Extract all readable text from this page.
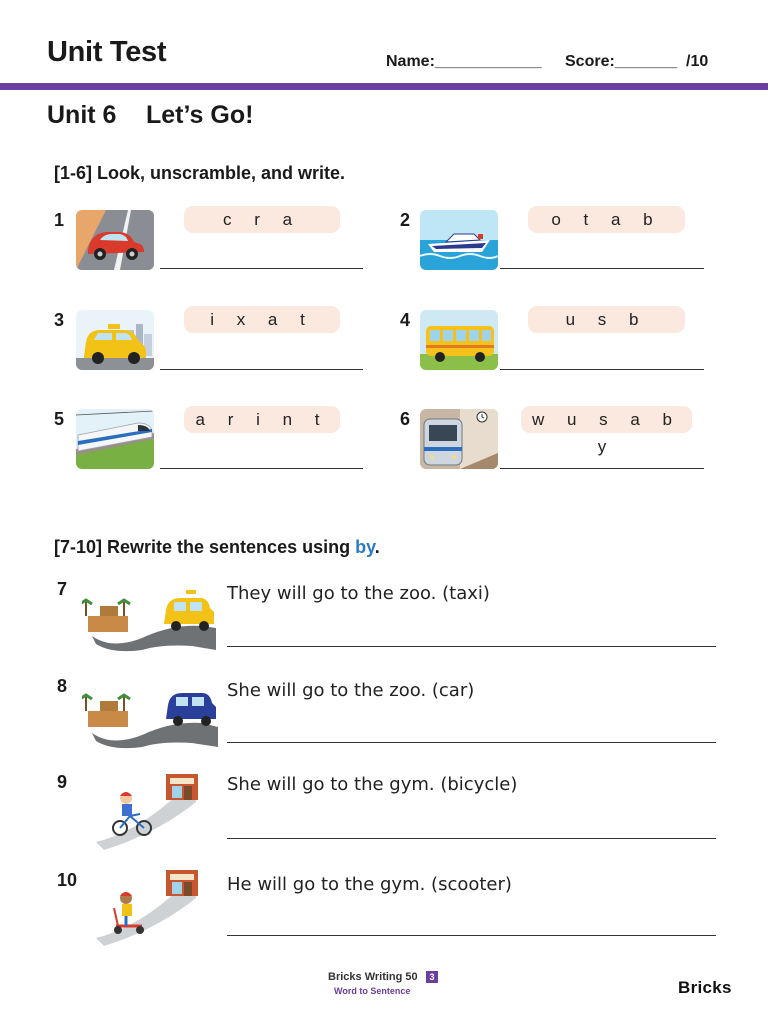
Unit Test	Name:____________ Score:_______ /10
Unit 6 Let’s Go!
[1-6] Look, unscramble, and write.
1	c r a	2	o t a b
3	i x a t	4	u s b
5	a r i n t	6	w u s a b y
[7-10] Rewrite the sentences using by.
7	They will go to the zoo. (taxi)
8	She will go to the zoo. (car)
9	She will go to the gym. (bicycle)
10	He will go to the gym. (scooter)
Bricks Writing 50	3
Word to Sentence	Bricks
